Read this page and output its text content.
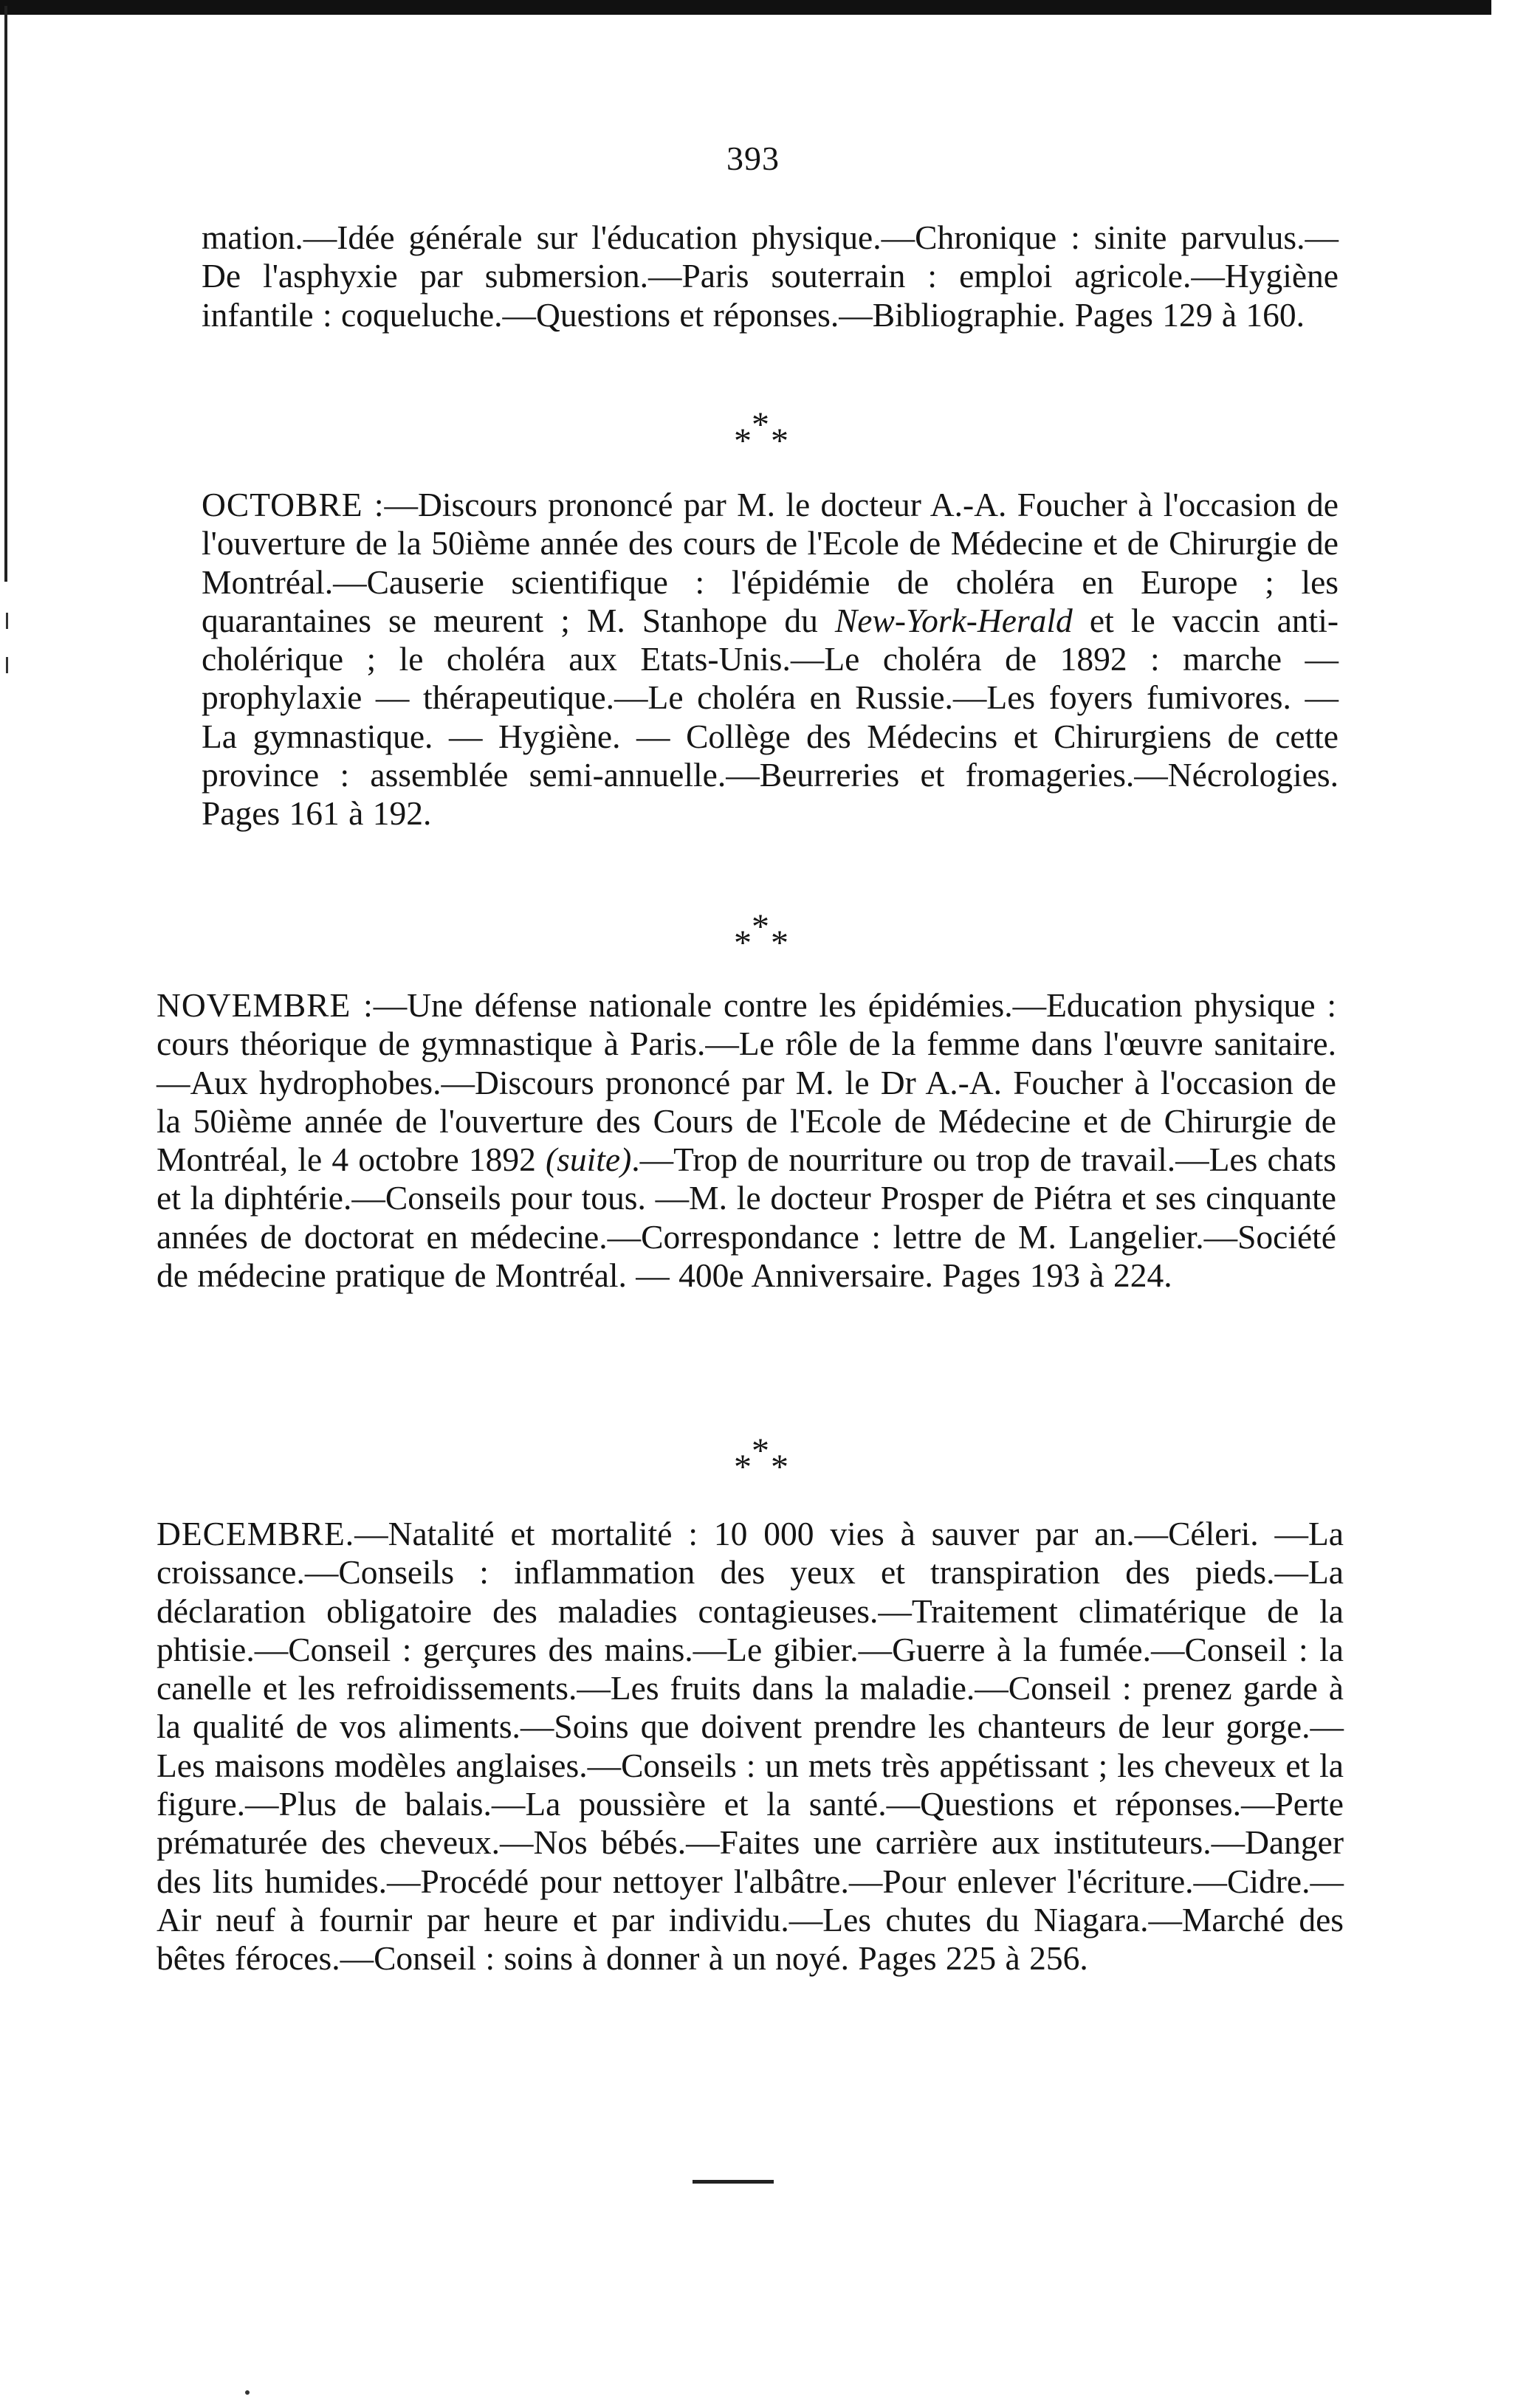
393

mation.—Idée générale sur l'éducation physique.—Chronique : sinite parvulus.—De l'asphyxie par submersion.—Paris souterrain : emploi agricole.—Hygiène infantile : coqueluche.—Questions et réponses.—Bibliographie. Pages 129 à 160.

*
* *

OCTOBRE :—Discours prononcé par M. le docteur A.-A. Foucher à l'occasion de l'ouverture de la 50ième année des cours de l'Ecole de Médecine et de Chirurgie de Montréal.—Causerie scientifique : l'épidémie de choléra en Europe ; les quarantaines se meurent ; M. Stanhope du New-York-Herald et le vaccin anti-cholérique ; le choléra aux Etats-Unis.—Le choléra de 1892 : marche — prophylaxie — thérapeutique.—Le choléra en Russie.—Les foyers fumivores. — La gymnastique. — Hygiène. — Collège des Médecins et Chirurgiens de cette province : assemblée semi-annuelle.—Beurreries et fromageries.—Nécrologies. Pages 161 à 192.

*
* *

NOVEMBRE :—Une défense nationale contre les épidémies.—Education physique : cours théorique de gymnastique à Paris.—Le rôle de la femme dans l'œuvre sanitaire.—Aux hydrophobes.—Discours prononcé par M. le Dr A.-A. Foucher à l'occasion de la 50ième année de l'ouverture des Cours de l'Ecole de Médecine et de Chirurgie de Montréal, le 4 octobre 1892 (suite).—Trop de nourriture ou trop de travail.—Les chats et la diphtérie.—Conseils pour tous. —M. le docteur Prosper de Piétra et ses cinquante années de doctorat en médecine.—Correspondance : lettre de M. Langelier.—Société de médecine pratique de Montréal. — 400e Anniversaire. Pages 193 à 224.

*
* *

DECEMBRE.—Natalité et mortalité : 10 000 vies à sauver par an.—Céleri. —La croissance.—Conseils : inflammation des yeux et transpiration des pieds.—La déclaration obligatoire des maladies contagieuses.—Traitement climatérique de la phtisie.—Conseil : gerçures des mains.—Le gibier.—Guerre à la fumée.—Conseil : la canelle et les refroidissements.—Les fruits dans la maladie.—Conseil : prenez garde à la qualité de vos aliments.—Soins que doivent prendre les chanteurs de leur gorge.—Les maisons modèles anglaises.—Conseils : un mets très appétissant ; les cheveux et la figure.—Plus de balais.—La poussière et la santé.—Questions et réponses.—Perte prématurée des cheveux.—Nos bébés.—Faites une carrière aux instituteurs.—Danger des lits humides.—Procédé pour nettoyer l'albâtre.—Pour enlever l'écriture.—Cidre.—Air neuf à fournir par heure et par individu.—Les chutes du Niagara.—Marché des bêtes féroces.—Conseil : soins à donner à un noyé. Pages 225 à 256.
